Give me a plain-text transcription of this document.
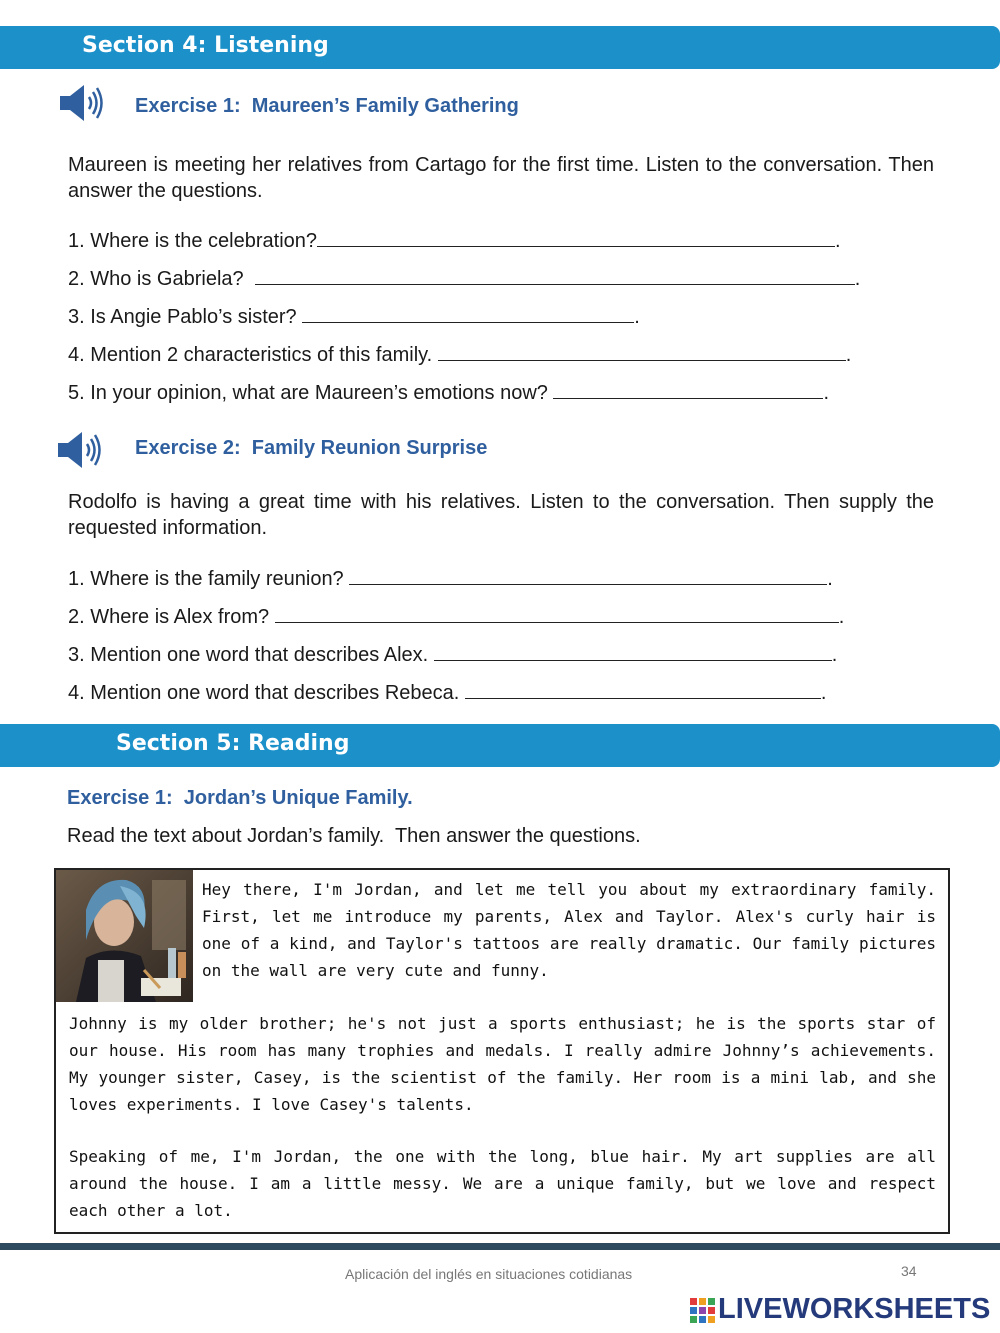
Section 4: Listening
Exercise 1:  Maureen’s Family Gathering

Maureen is meeting her relatives from Cartago for the first time. Listen to the conversation. Then answer the questions.

1. Where is the celebration?	.
2. Who is Gabriela?	.
3. Is Angie Pablo’s sister?	.
4. Mention 2 characteristics of this family.	.
5. In your opinion, what are Maureen’s emotions now?	.
Exercise 2:  Family Reunion Surprise

Rodolfo is having a great time with his relatives. Listen to the conversation. Then supply the requested information.

1. Where is the family reunion?	.
2. Where is Alex from?	.
3. Mention one word that describes Alex.	.
4. Mention one word that describes Rebeca.	.
Section 5: Reading
Exercise 1:  Jordan’s Unique Family.
Read the text about Jordan’s family.  Then answer the questions.

Hey there, I'm Jordan, and let me tell you about my extraordinary family. First, let me introduce my parents, Alex and Taylor. Alex's curly hair is one of a kind, and Taylor's tattoos are really dramatic. Our family pictures on the wall are very cute and funny.

Johnny is my older brother; he's not just a sports enthusiast; he is the sports star of our house. His room has many trophies and medals. I really admire Johnny’s achievements. My younger sister, Casey, is the scientist of the family. Her room is a mini lab, and she loves experiments. I love Casey's talents.

Speaking of me, I'm Jordan, the one with the long, blue hair. My art supplies are all around the house. I am a little messy. We are a unique family, but we love and respect each other a lot.

Aplicación del inglés en situaciones cotidianas	34
LIVEWORKSHEETS
